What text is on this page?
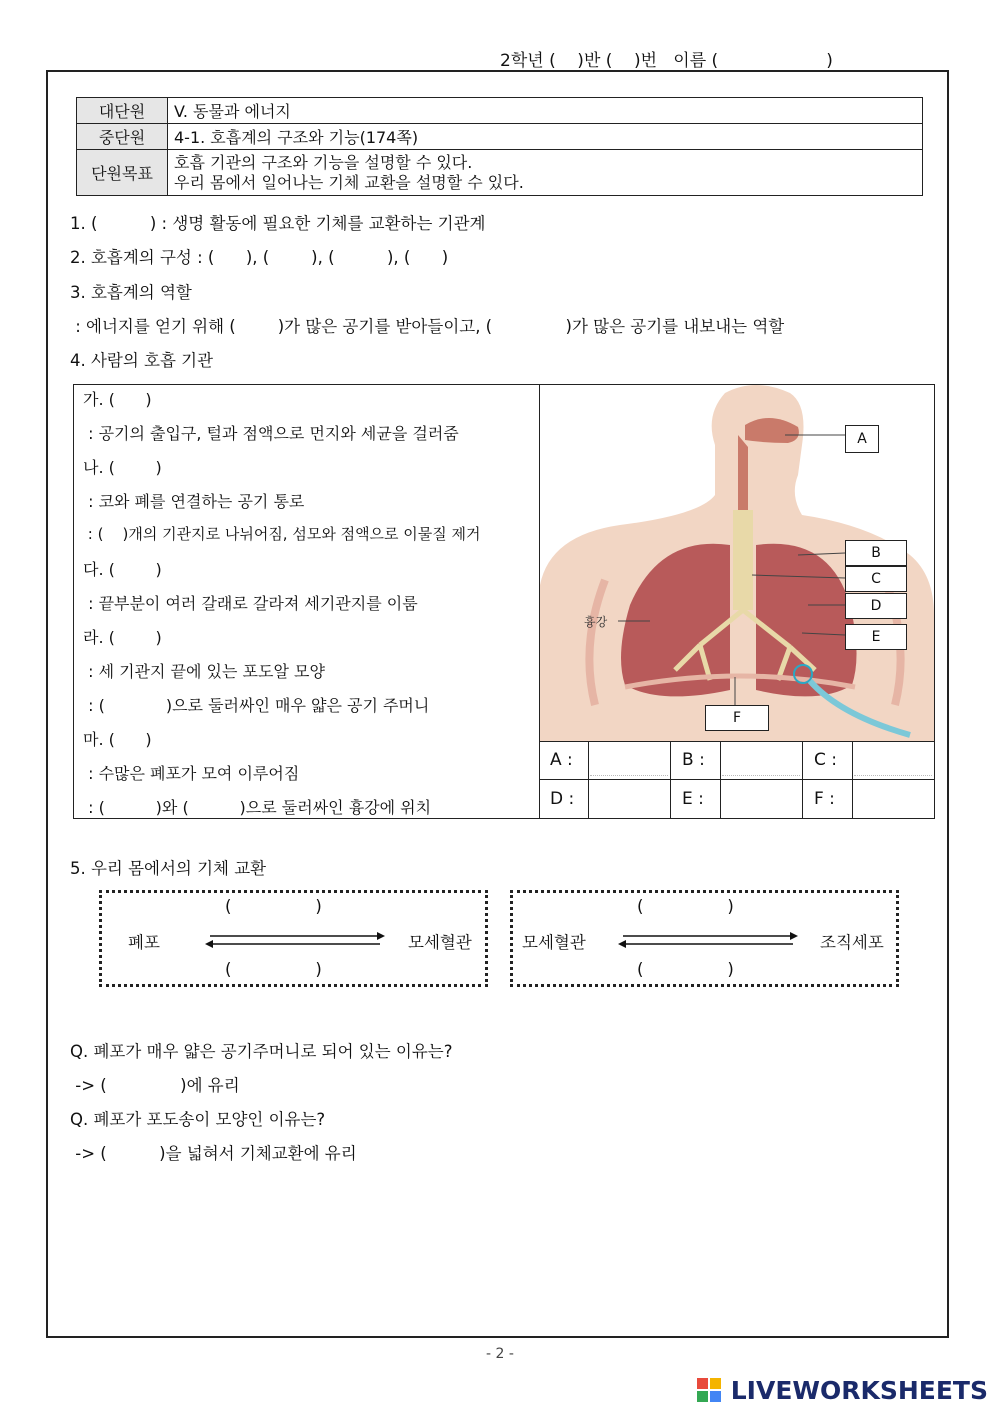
2학년 (    )반 (    )번   이름 (                    )
대단원	V. 동물과 에너지
중단원	4-1. 호흡계의 구조와 기능(174쪽)
단원목표	호흡 기관의 구조와 기능을 설명할 수 있다.
우리 몸에서 일어나는 기체 교환을 설명할 수 있다.
1. (          ) : 생명 활동에 필요한 기체를 교환하는 기관계
2. 호흡계의 구성 : (      ), (        ), (          ), (      )
3. 호흡계의 역할
: 에너지를 얻기 위해 (        )가 많은 공기를 받아들이고, (              )가 많은 공기를 내보내는 역할
4. 사람의 호흡 기관
가. (      )
: 공기의 출입구, 털과 점액으로 먼지와 세균을 걸러줌
나. (        )
: 코와 폐를 연결하는 공기 통로
: (    )개의 기관지로 나뉘어짐, 섬모와 점액으로 이물질 제거
다. (        )
: 끝부분이 여러 갈래로 갈라져 세기관지를 이룸
라. (        )
: 세 기관지 끝에 있는 포도알 모양
: (            )으로 둘러싸인 매우 얇은 공기 주머니
마. (      )
: 수많은 폐포가 모여 이루어짐
: (          )와 (          )으로 둘러싸인 흉강에 위치
흉강
A
B
C
D
E
F
A :	B :	C :
D :	E :	F :
5. 우리 몸에서의 기체 교환
(                )
폐포	모세혈관
(                )
(                )
모세혈관	조직세포
(                )
Q. 폐포가 매우 얇은 공기주머니로 되어 있는 이유는?
-> (              )에 유리
Q. 폐포가 포도송이 모양인 이유는?
-> (          )을 넓혀서 기체교환에 유리
- 2 -
LIVEWORKSHEETS
